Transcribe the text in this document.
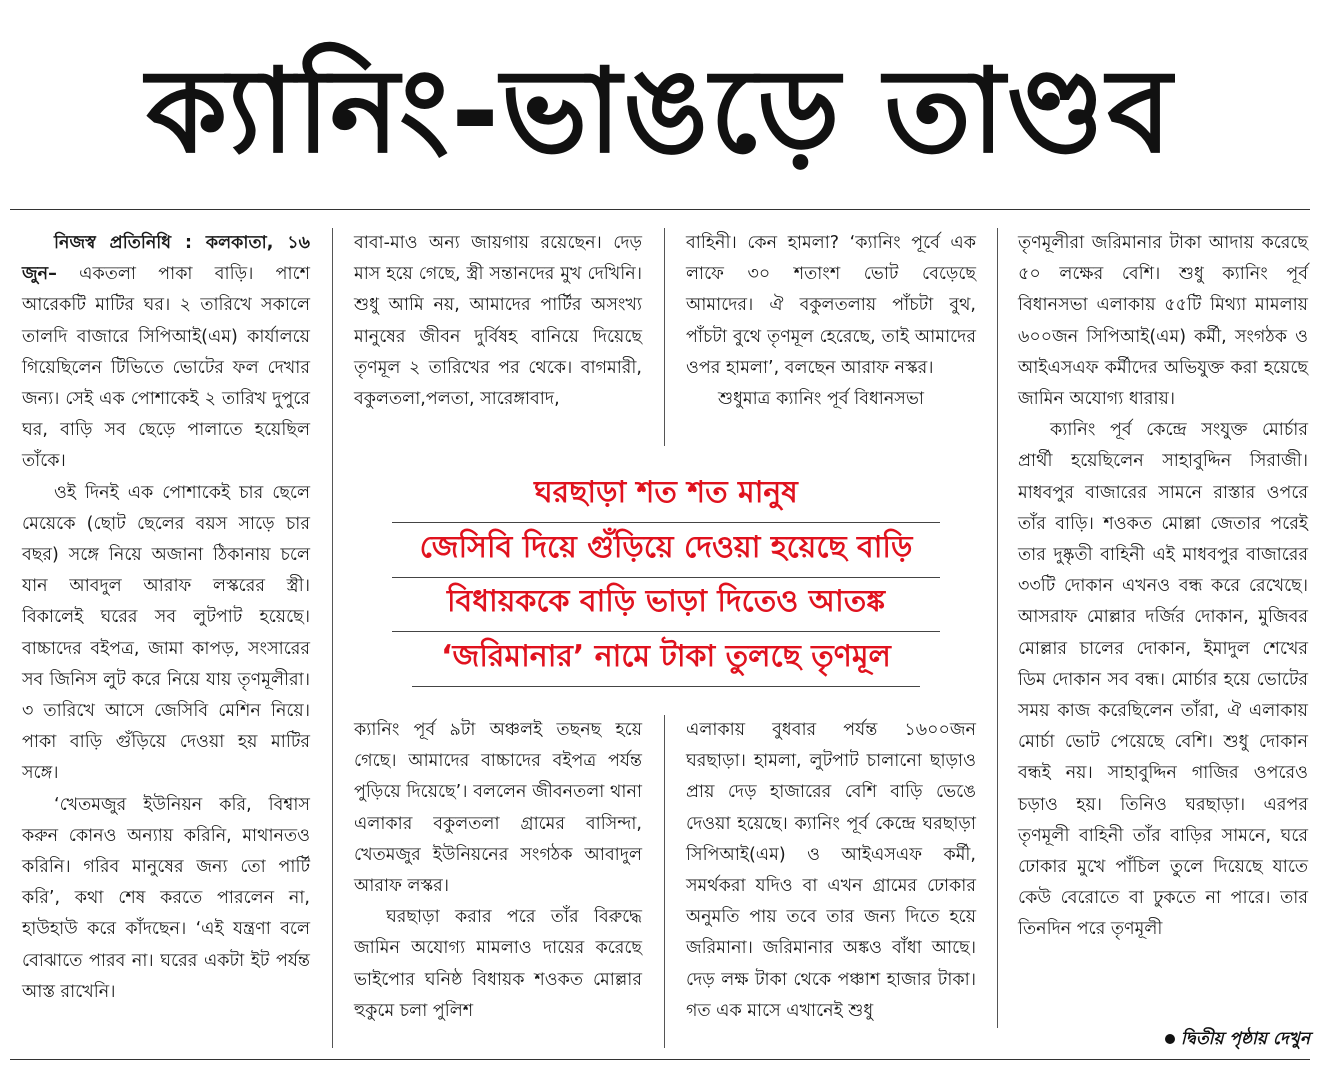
ক্যানিং-ভাঙড়ে তাণ্ডব

নিজস্ব প্রতিনিধি : কলকাতা, ১৬ জুন– একতলা পাকা বাড়ি। পাশে আরেকটি মাটির ঘর। ২ তারিখে সকালে তালদি বাজারে সিপিআই(এম) কার্যালয়ে গিয়েছিলেন টিভিতে ভোটের ফল দেখার জন্য। সেই এক পোশাকেই ২ তারিখ দুপুরে ঘর, বাড়ি সব ছেড়ে পালাতে হয়েছিল তাঁকে।

ওই দিনই এক পোশাকেই চার ছেলে মেয়েকে (ছোট ছেলের বয়স সাড়ে চার বছর) সঙ্গে নিয়ে অজানা ঠিকানায় চলে যান আবদুল আরাফ লস্করের স্ত্রী। বিকালেই ঘরের সব লুটপাট হয়েছে। বাচ্চাদের বইপত্র, জামা কাপড়, সংসারের সব জিনিস লুট করে নিয়ে যায় তৃণমূলীরা। ৩ তারিখে আসে জেসিবি মেশিন নিয়ে। পাকা বাড়ি গুঁড়িয়ে দেওয়া হয় মাটির সঙ্গে।

‘খেতমজুর ইউনিয়ন করি, বিশ্বাস করুন কোনও অন্যায় করিনি, মাথানতও করিনি। গরিব মানুষের জন্য তো পার্টি করি’, কথা শেষ করতে পারলেন না, হাউহাউ করে কাঁদছেন। ‘এই যন্ত্রণা বলে বোঝাতে পারব না। ঘরের একটা ইট পর্যন্ত আস্ত রাখেনি।

বাবা-মাও অন্য জায়গায় রয়েছেন। দেড় মাস হয়ে গেছে, স্ত্রী সন্তানদের মুখ দেখিনি। শুধু আমি নয়, আমাদের পার্টির অসংখ্য মানুষের জীবন দুর্বিষহ বানিয়ে দিয়েছে তৃণমূল ২ তারিখের পর থেকে। বাগমারী, বকুলতলা,পলতা, সারেঙ্গাবাদ,

বাহিনী। কেন হামলা? ‘ক্যানিং পূর্বে এক লাফে ৩০ শতাংশ ভোট বেড়েছে আমাদের। ঐ বকুলতলায় পাঁচটা বুথ, পাঁচটা বুথে তৃণমূল হেরেছে, তাই আমাদের ওপর হামলা’, বলছেন আরাফ নস্কর।

শুধুমাত্র ক্যানিং পূর্ব বিধানসভা

ঘরছাড়া শত শত মানুষ
জেসিবি দিয়ে গুঁড়িয়ে দেওয়া হয়েছে বাড়ি
বিধায়ককে বাড়ি ভাড়া দিতেও আতঙ্ক
‘জরিমানার’ নামে টাকা তুলছে তৃণমূল

ক্যানিং পূর্ব ৯টা অঞ্চলই তছনছ হয়ে গেছে। আমাদের বাচ্চাদের বইপত্র পর্যন্ত পুড়িয়ে দিয়েছে’। বললেন জীবনতলা থানা এলাকার বকুলতলা গ্রামের বাসিন্দা, খেতমজুর ইউনিয়নের সংগঠক আবাদুল আরাফ লস্কর।

ঘরছাড়া করার পরে তাঁর বিরুদ্ধে জামিন অযোগ্য মামলাও দায়ের করেছে ভাইপোর ঘনিষ্ঠ বিধায়ক শওকত মোল্লার হুকুমে চলা পুলিশ

এলাকায় বুধবার পর্যন্ত ১৬০০জন ঘরছাড়া। হামলা, লুটপাট চালানো ছাড়াও প্রায় দেড় হাজারের বেশি বাড়ি ভেঙে দেওয়া হয়েছে। ক্যানিং পূর্ব কেন্দ্রে ঘরছাড়া সিপিআই(এম) ও আইএসএফ কর্মী, সমর্থকরা যদিও বা এখন গ্রামের ঢোকার অনুমতি পায় তবে তার জন্য দিতে হয়ে জরিমানা। জরিমানার অঙ্কও বাঁধা আছে। দেড় লক্ষ টাকা থেকে পঞ্চাশ হাজার টাকা। গত এক মাসে এখানেই শুধু

তৃণমূলীরা জরিমানার টাকা আদায় করেছে ৫০ লক্ষের বেশি। শুধু ক্যানিং পূর্ব বিধানসভা এলাকায় ৫৫টি মিথ্যা মামলায় ৬০০জন সিপিআই(এম) কর্মী, সংগঠক ও আইএসএফ কর্মীদের অভিযুক্ত করা হয়েছে জামিন অযোগ্য ধারায়।

ক্যানিং পূর্ব কেন্দ্রে সংযুক্ত মোর্চার প্রার্থী হয়েছিলেন সাহাবুদ্দিন সিরাজী। মাধবপুর বাজারের সামনে রাস্তার ওপরে তাঁর বাড়ি। শওকত মোল্লা জেতার পরেই তার দুষ্কৃতী বাহিনী এই মাধবপুর বাজারের ৩৩টি দোকান এখনও বন্ধ করে রেখেছে। আসরাফ মোল্লার দর্জির দোকান, মুজিবর মোল্লার চালের দোকান, ইমাদুল শেখের ডিম দোকান সব বন্ধ। মোর্চার হয়ে ভোটের সময় কাজ করেছিলেন তাঁরা, ঐ এলাকায় মোর্চা ভোট পেয়েছে বেশি। শুধু দোকান বন্ধই নয়। সাহাবুদ্দিন গাজির ওপরেও চড়াও হয়। তিনিও ঘরছাড়া। এরপর তৃণমূলী বাহিনী তাঁর বাড়ির সামনে, ঘরে ঢোকার মুখে পাঁচিল তুলে দিয়েছে যাতে কেউ বেরোতে বা ঢুকতে না পারে। তার তিনদিন পরে তৃণমূলী

দ্বিতীয় পৃষ্ঠায় দেখুন
